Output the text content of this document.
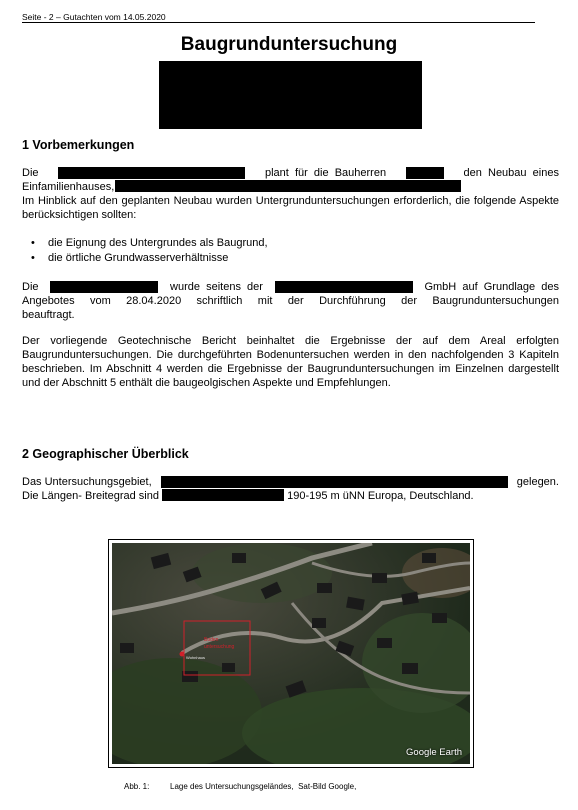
Seite - 2 – Gutachten vom 14.05.2020
Baugrunduntersuchung
1 Vorbemerkungen

Die	plant  für  die  Bauherren	den  Neubau  eines

Einfamilienhauses,

Im Hinblick auf den geplanten Neubau wurden Untergrunduntersuchungen erforderlich, die folgende Aspekte berücksichtigen sollten:

• die Eignung des Untergrundes als Baugrund,
• die örtliche Grundwasserverhältnisse

Die	wurde  seitens  der	GmbH  auf  Grundlage  des

Angebotes  vom  28.04.2020  schriftlich  mit  der  Durchführung  der  Baugrunduntersuchungen

beauftragt.

Der vorliegende Geotechnische Bericht beinhaltet die Ergebnisse der auf dem Areal erfolgten Baugrunduntersuchungen. Die durchgeführten Bodenuntersuchen werden in den nachfolgenden 3 Kapiteln beschrieben. Im Abschnitt 4 werden die Ergebnisse der Baugrunduntersuchungen im Einzelnen dargestellt und der Abschnitt 5 enthält die baugeolgischen Aspekte und Empfehlungen.

2 Geographischer Überblick

Das Untersuchungsgebiet,	gelegen.

Die Längen- Breitegrad sind	190-195 m üNN Europa, Deutschland.

Boden
untersuchung
Wohnhaus
Google Earth
Abb. 1:	Lage des Untersuchungsgeländes,  Sat-Bild Google,
